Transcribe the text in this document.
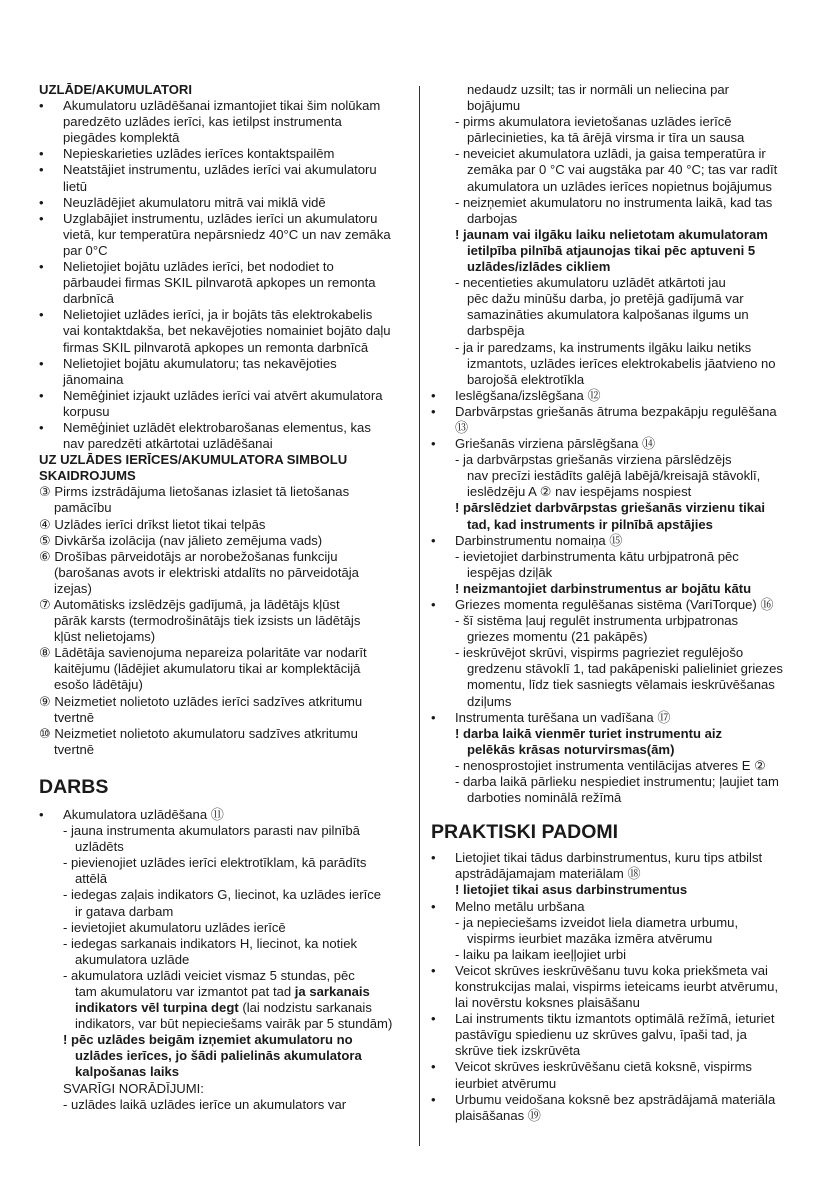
UZLĀDE/AKUMULATORI
• Akumulatoru uzlādēšanai izmantojiet tikai šim nolūkam
paredzēto uzlādes ierīci, kas ietilpst instrumenta
piegādes komplektā
• Nepieskarieties uzlādes ierīces kontaktspailēm
• Neatstājiet instrumentu, uzlādes ierīci vai akumulatoru
lietū
• Neuzlādējiet akumulatoru mitrā vai miklā vidē
• Uzglabājiet instrumentu, uzlādes ierīci un akumulatoru
vietā, kur temperatūra nepārsniedz 40°C un nav zemāka
par 0°C
• Nelietojiet bojātu uzlādes ierīci, bet nododiet to
pārbaudei firmas SKIL pilnvarotā apkopes un remonta
darbnīcā
• Nelietojiet uzlādes ierīci, ja ir bojāts tās elektrokabelis
vai kontaktdakša, bet nekavējoties nomainiet bojāto daļu
firmas SKIL pilnvarotā apkopes un remonta darbnīcā
• Nelietojiet bojātu akumulatoru; tas nekavējoties
jānomaina
• Nemēģiniet izjaukt uzlādes ierīci vai atvērt akumulatora
korpusu
• Nemēģiniet uzlādēt elektrobarošanas elementus, kas
nav paredzēti atkārtotai uzlādēšanai
UZ UZLĀDES IERĪCES/AKUMULATORA SIMBOLU
SKAIDROJUMS
③ Pirms izstrādājuma lietošanas izlasiet tā lietošanas
pamācību
④ Uzlādes ierīci drīkst lietot tikai telpās
⑤ Divkārša izolācija (nav jālieto zemējuma vads)
⑥ Drošības pārveidotājs ar norobežošanas funkciju
(barošanas avots ir elektriski atdalīts no pārveidotāja
izejas)
⑦ Automātisks izslēdzējs gadījumā, ja lādētājs kļūst
pārāk karsts (termodrošinātājs tiek izsists un lādētājs
kļūst nelietojams)
⑧ Lādētāja savienojuma nepareiza polaritāte var nodarīt
kaitējumu (lādējiet akumulatoru tikai ar komplektācijā
esošo lādētāju)
⑨ Neizmetiet nolietoto uzlādes ierīci sadzīves atkritumu
tvertnē
⑩ Neizmetiet nolietoto akumulatoru sadzīves atkritumu
tvertnē
DARBS
• Akumulatora uzlādēšana ⑪
- jauna instrumenta akumulators parasti nav pilnībā
uzlādēts
- pievienojiet uzlādes ierīci elektrotīklam, kā parādīts
attēlā
- iedegas zaļais indikators G, liecinot, ka uzlādes ierīce
ir gatava darbam
- ievietojiet akumulatoru uzlādes ierīcē
- iedegas sarkanais indikators H, liecinot, ka notiek
akumulatora uzlāde
- akumulatora uzlādi veiciet vismaz 5 stundas, pēc
tam akumulatoru var izmantot pat tad ja sarkanais
indikators vēl turpina degt (lai nodzistu sarkanais
indikators, var būt nepieciešams vairāk par 5 stundām)
! pēc uzlādes beigām izņemiet akumulatoru no
uzlādes ierīces, jo šādi palielinās akumulatora
kalpošanas laiks
SVARĪGI NORĀDĪJUMI:
- uzlādes laikā uzlādes ierīce un akumulators var
nedaudz uzsilt; tas ir normāli un neliecina par
bojājumu
- pirms akumulatora ievietošanas uzlādes ierīcē
pārlecinieties, ka tā ārējā virsma ir tīra un sausa
- neveiciet akumulatora uzlādi, ja gaisa temperatūra ir
zemāka par 0 °C vai augstāka par 40 °C; tas var radīt
akumulatora un uzlādes ierīces nopietnus bojājumus
- neizņemiet akumulatoru no instrumenta laikā, kad tas
darbojas
! jaunam vai ilgāku laiku nelietotam akumulatoram
ietilpība pilnībā atjaunojas tikai pēc aptuveni 5
uzlādes/izlādes cikliem
- necentieties akumulatoru uzlādēt atkārtoti jau
pēc dažu minūšu darba, jo pretējā gadījumā var
samazināties akumulatora kalpošanas ilgums un
darbspēja
- ja ir paredzams, ka instruments ilgāku laiku netiks
izmantots, uzlādes ierīces elektrokabelis jāatvieno no
barojošā elektrotīkla
• Ieslēgšana/izslēgšana ⑫
• Darbvārpstas griešanās ātruma bezpakāpju regulēšana
⑬
• Griešanās virziena pārslēgšana ⑭
- ja darbvārpstas griešanās virziena pārslēdzējs
nav precīzi iestādīts galējā labējā/kreisajā stāvoklī,
ieslēdzēju A ② nav iespējams nospiest
! pārslēdziet darbvārpstas griešanās virzienu tikai
tad, kad instruments ir pilnībā apstājies
• Darbinstrumentu nomaiņa ⑮
- ievietojiet darbinstrumenta kātu urbjpatronā pēc
iespējas dziļāk
! neizmantojiet darbinstrumentus ar bojātu kātu
• Griezes momenta regulēšanas sistēma (VariTorque) ⑯
- šī sistēma ļauj regulēt instrumenta urbjpatronas
griezes momentu (21 pakāpēs)
- ieskrūvējot skrūvi, vispirms pagrieziet regulējošo
gredzenu stāvoklī 1, tad pakāpeniski palieliniet griezes
momentu, līdz tiek sasniegts vēlamais ieskrūvēšanas
dziļums
• Instrumenta turēšana un vadīšana ⑰
! darba laikā vienmēr turiet instrumentu aiz
pelēkās krāsas noturvirsmas(ām)
- nenosprostojiet instrumenta ventilācijas atveres E ②
- darba laikā pārlieku nespiediet instrumentu; ļaujiet tam
darboties nominālā režīmā
PRAKTISKI PADOMI
• Lietojiet tikai tādus darbinstrumentus, kuru tips atbilst
apstrādājamajam materiālam ⑱
! lietojiet tikai asus darbinstrumentus
• Melno metālu urbšana
- ja nepieciešams izveidot liela diametra urbumu,
vispirms ieurbiet mazāka izmēra atvērumu
- laiku pa laikam ieeļļojiet urbi
• Veicot skrūves ieskrūvēšanu tuvu koka priekšmeta vai
konstrukcijas malai, vispirms ieteicams ieurbt atvērumu,
lai novērstu koksnes plaisāšanu
• Lai instruments tiktu izmantots optimālā režīmā, ieturiet
pastāvīgu spiedienu uz skrūves galvu, īpaši tad, ja
skrūve tiek izskrūvēta
• Veicot skrūves ieskrūvēšanu cietā koksnē, vispirms
ieurbiet atvērumu
• Urbumu veidošana koksnē bez apstrādājamā materiāla
plaisāšanas ⑲
